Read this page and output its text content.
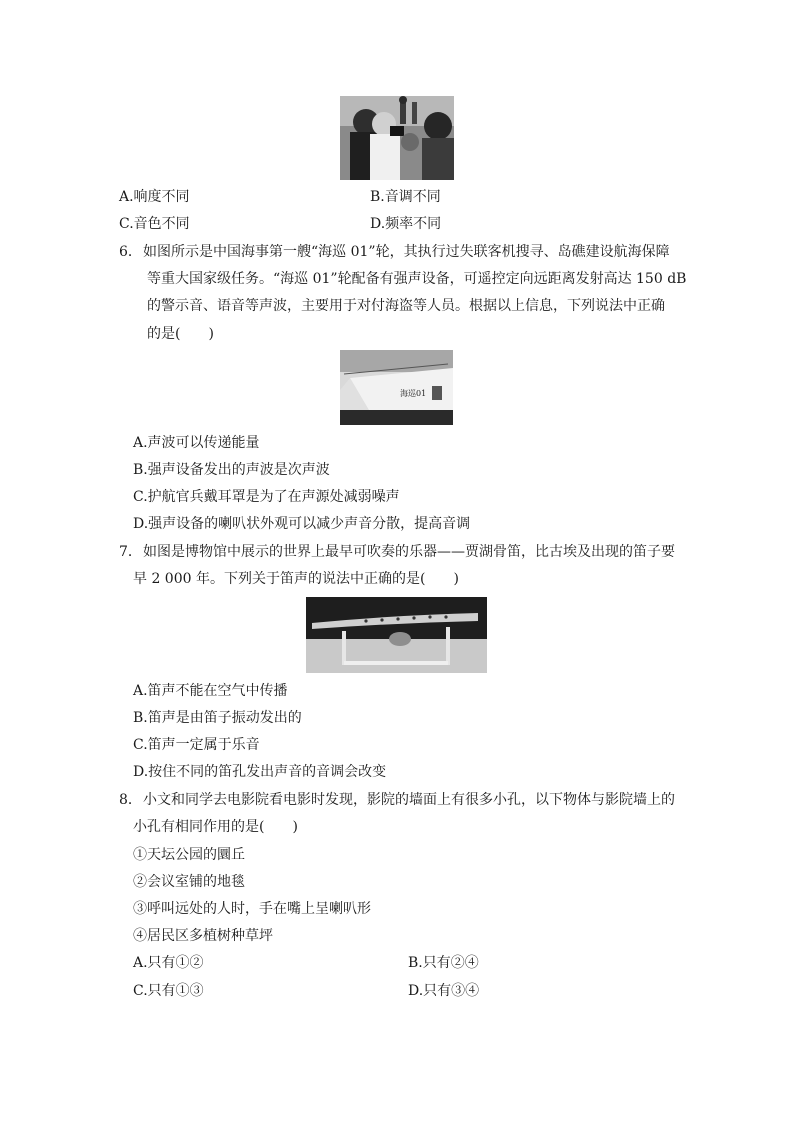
A.响度不同	B.音调不同
C.音色不同	D.频率不同
6． 如图所示是中国海事第一艘“海巡 01”轮，其执行过失联客机搜寻、岛礁建设航海保障
等重大国家级任务。“海巡 01”轮配备有强声设备，可遥控定向远距离发射高达 150 dB
的警示音、语音等声波，主要用于对付海盗等人员。根据以上信息，下列说法中正确
的是(　　)
海巡01
A.声波可以传递能量
B.强声设备发出的声波是次声波
C.护航官兵戴耳罩是为了在声源处减弱噪声
D.强声设备的喇叭状外观可以减少声音分散，提高音调
7． 如图是博物馆中展示的世界上最早可吹奏的乐器——贾湖骨笛，比古埃及出现的笛子要
早 2 000 年。下列关于笛声的说法中正确的是(　　)
A.笛声不能在空气中传播
B.笛声是由笛子振动发出的
C.笛声一定属于乐音
D.按住不同的笛孔发出声音的音调会改变
8． 小文和同学去电影院看电影时发现，影院的墙面上有很多小孔，以下物体与影院墙上的
小孔有相同作用的是(　　)
①天坛公园的圜丘
②会议室铺的地毯
③呼叫远处的人时，手在嘴上呈喇叭形
④居民区多植树种草坪
A.只有①②	B.只有②④
C.只有①③	D.只有③④
